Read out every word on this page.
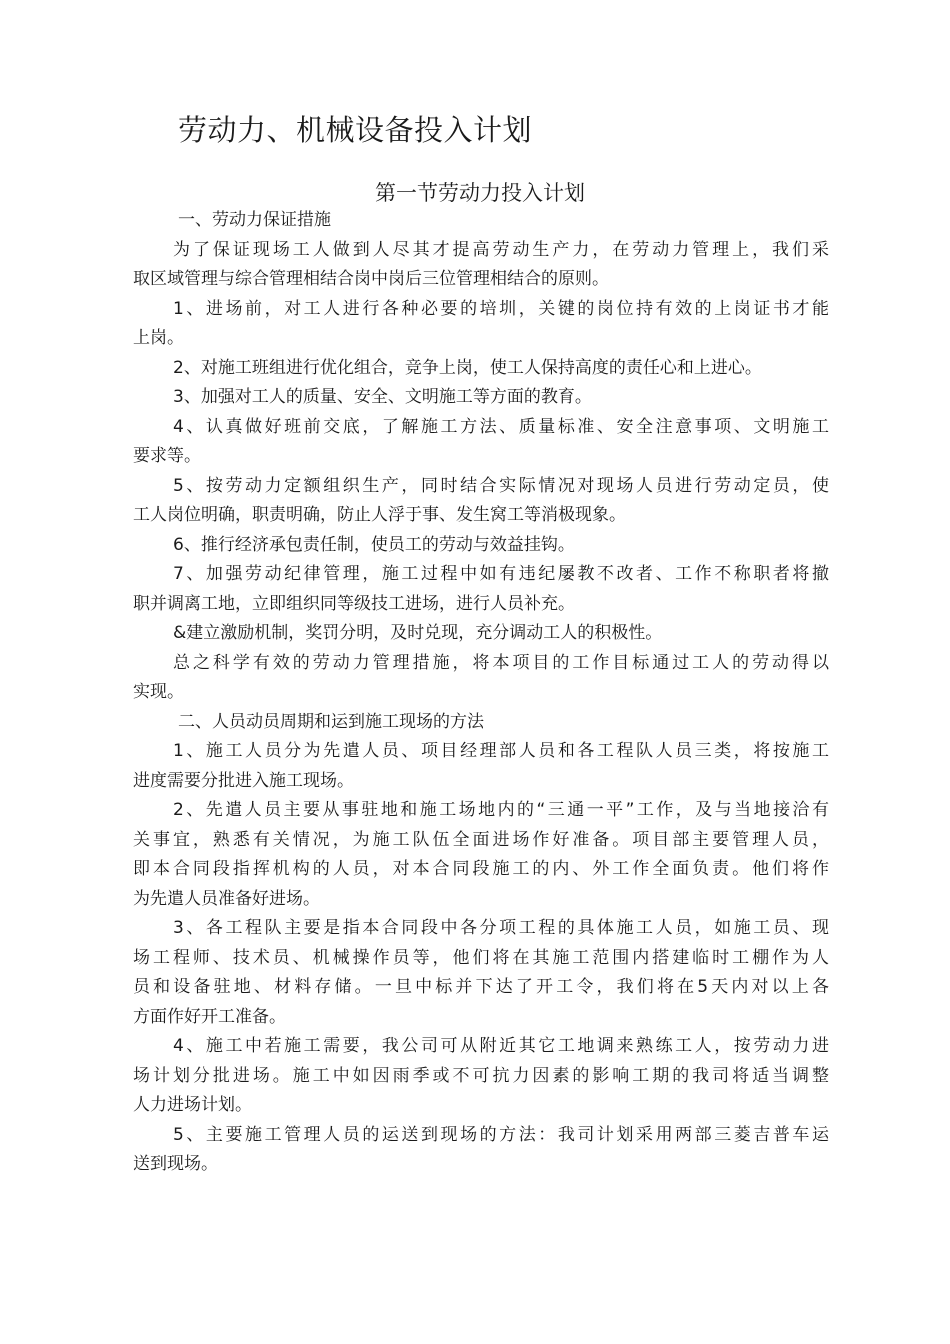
劳动力、机械设备投入计划
第一节劳动力投入计划

一、劳动力保证措施

为了保证现场工人做到人尽其才提高劳动生产力，在劳动力管理上，我们采
取区域管理与综合管理相结合岗中岗后三位管理相结合的原则。

1、进场前，对工人进行各种必要的培圳，关键的岗位持有效的上岗证书才能
上岗。

2、对施工班组进行优化组合，竞争上岗，使工人保持高度的责任心和上进心。

3、加强对工人的质量、安全、文明施工等方面的教育。

4、认真做好班前交底，了解施工方法、质量标准、安全注意事项、文明施工
要求等。

5、按劳动力定额组织生产，同时结合实际情况对现场人员进行劳动定员，使
工人岗位明确，职责明确，防止人浮于事、发生窝工等消极现象。

6、推行经济承包责任制，使员工的劳动与效益挂钩。

7、加强劳动纪律管理，施工过程中如有违纪屡教不改者、工作不称职者将撤
职并调离工地，立即组织同等级技工进场，进行人员补充。

&建立激励机制，奖罚分明，及时兑现，充分调动工人的积极性。

总之科学有效的劳动力管理措施，将本项目的工作目标通过工人的劳动得以
实现。

二、人员动员周期和运到施工现场的方法

1、施工人员分为先遣人员、项目经理部人员和各工程队人员三类，将按施工
进度需要分批进入施工现场。

2、先遣人员主要从事驻地和施工场地内的“三通一平”工作，及与当地接洽有
关事宜，熟悉有关情况，为施工队伍全面进场作好准备。项目部主要管理人员，
即本合同段指挥机构的人员，对本合同段施工的内、外工作全面负责。他们将作
为先遣人员准备好进场。

3、各工程队主要是指本合同段中各分项工程的具体施工人员，如施工员、现
场工程师、技术员、机械操作员等，他们将在其施工范围内搭建临时工棚作为人
员和设备驻地、材料存储。一旦中标并下达了开工令，我们将在5天内对以上各
方面作好开工准备。

4、施工中若施工需要，我公司可从附近其它工地调来熟练工人，按劳动力进
场计划分批进场。施工中如因雨季或不可抗力因素的影响工期的我司将适当调整
人力进场计划。

5、主要施工管理人员的运送到现场的方法：我司计划采用两部三菱吉普车运
送到现场。
